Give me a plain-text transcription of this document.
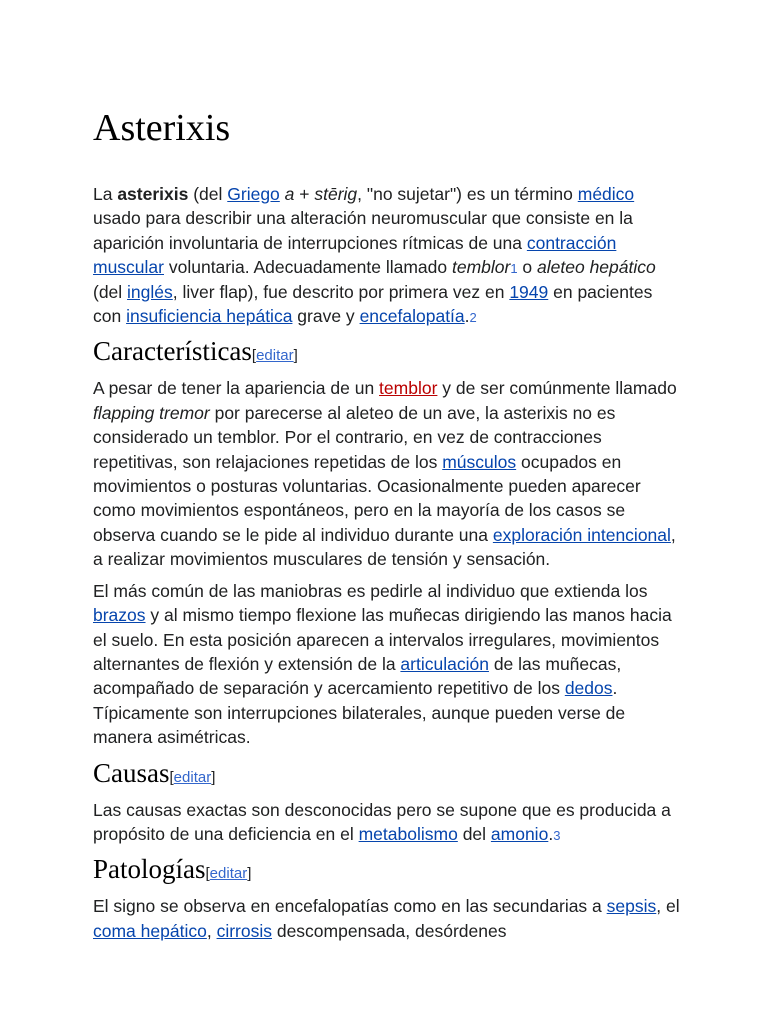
Asterixis

La asterixis (del Griego a + stērig, "no sujetar") es un término médico usado para describir una alteración neuromuscular que consiste en la aparición involuntaria de interrupciones rítmicas de una contracción muscular voluntaria. Adecuadamente llamado temblor1 o aleteo hepático (del inglés, liver flap), fue descrito por primera vez en 1949 en pacientes con insuficiencia hepática grave y encefalopatía.2

Características[editar]

A pesar de tener la apariencia de un temblor y de ser comúnmente llamado flapping tremor por parecerse al aleteo de un ave, la asterixis no es considerado un temblor. Por el contrario, en vez de contracciones repetitivas, son relajaciones repetidas de los músculos ocupados en movimientos o posturas voluntarias. Ocasionalmente pueden aparecer como movimientos espontáneos, pero en la mayoría de los casos se observa cuando se le pide al individuo durante una exploración intencional, a realizar movimientos musculares de tensión y sensación.

El más común de las maniobras es pedirle al individuo que extienda los brazos y al mismo tiempo flexione las muñecas dirigiendo las manos hacia el suelo. En esta posición aparecen a intervalos irregulares, movimientos alternantes de flexión y extensión de la articulación de las muñecas, acompañado de separación y acercamiento repetitivo de los dedos. Típicamente son interrupciones bilaterales, aunque pueden verse de manera asimétricas.

Causas[editar]

Las causas exactas son desconocidas pero se supone que es producida a propósito de una deficiencia en el metabolismo del amonio.3

Patologías[editar]

El signo se observa en encefalopatías como en las secundarias a sepsis, el coma hepático, cirrosis descompensada, desórdenes
